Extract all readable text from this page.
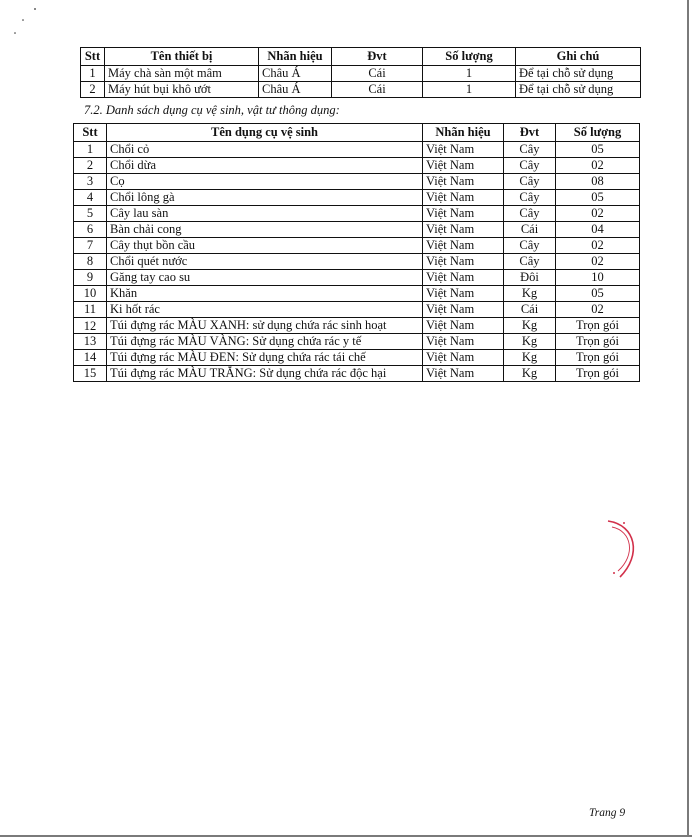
Stt	Tên thiết bị	Nhãn hiệu	Đvt	Số lượng	Ghi chú
1	Máy chà sàn một mâm	Châu Á	Cái	1	Để tại chỗ sử dụng
2	Máy hút bụi khô ướt	Châu Á	Cái	1	Để tại chỗ sử dụng
7.2. Danh sách dụng cụ vệ sinh, vật tư thông dụng:
Stt	Tên dụng cụ vệ sinh	Nhãn hiệu	Đvt	Số lượng
1	Chổi cỏ	Việt Nam	Cây	05
2	Chổi dừa	Việt Nam	Cây	02
3	Cọ	Việt Nam	Cây	08
4	Chổi lông gà	Việt Nam	Cây	05
5	Cây lau sàn	Việt Nam	Cây	02
6	Bàn chải cong	Việt Nam	Cái	04
7	Cây thụt bồn cầu	Việt Nam	Cây	02
8	Chổi quét nước	Việt Nam	Cây	02
9	Găng tay cao su	Việt Nam	Đôi	10
10	Khăn	Việt Nam	Kg	05
11	Ki hốt rác	Việt Nam	Cái	02
12	Túi đựng rác MÀU XANH: sử dụng chứa rác sinh hoạt	Việt Nam	Kg	Trọn gói
13	Túi đựng rác MÀU VÀNG: Sử dụng chứa rác y tế	Việt Nam	Kg	Trọn gói
14	Túi đựng rác MÀU ĐEN: Sử dụng chứa rác tái chế	Việt Nam	Kg	Trọn gói
15	Túi đựng rác MÀU TRẮNG: Sử dụng chứa rác độc hại	Việt Nam	Kg	Trọn gói
Trang 9
